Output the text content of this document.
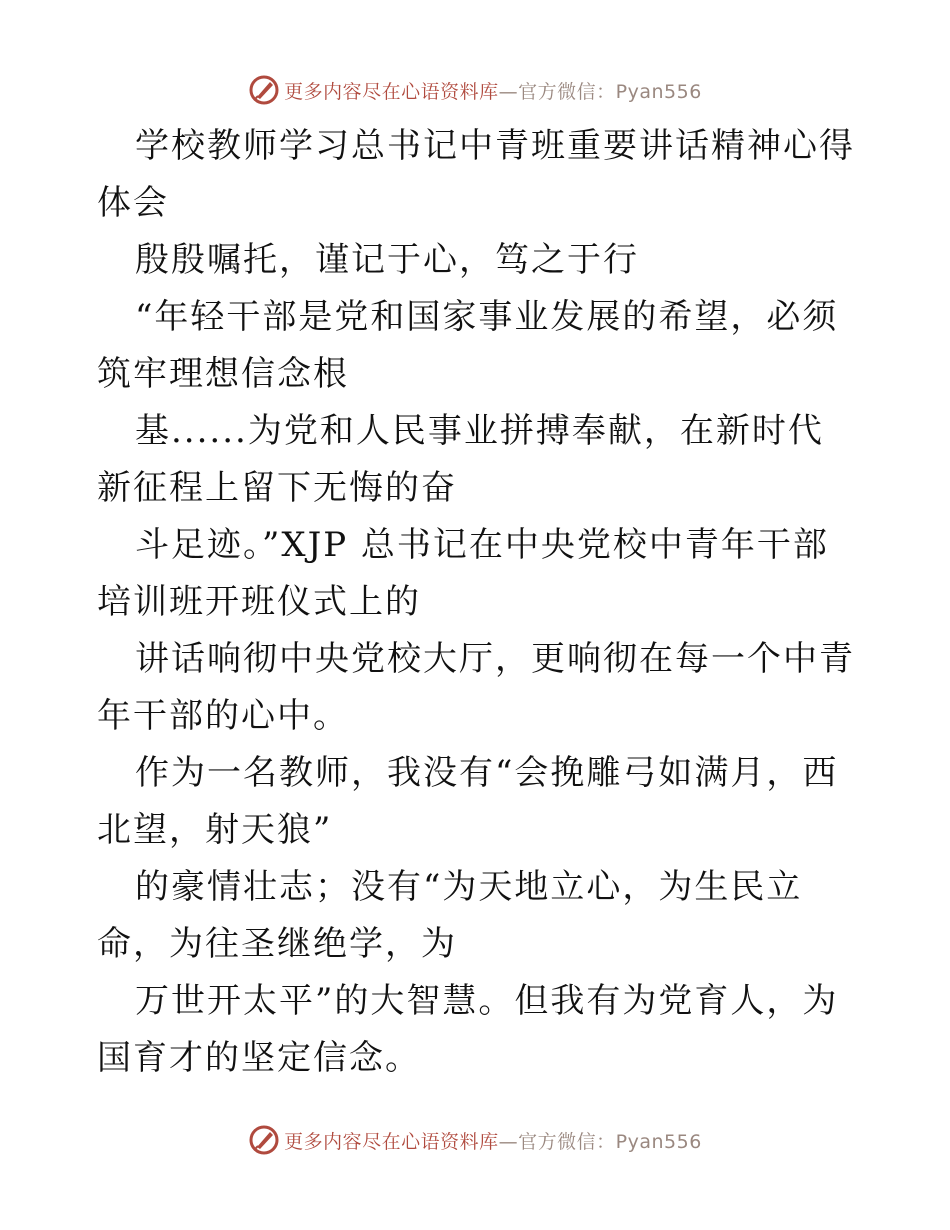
更多内容尽在心语资料库—官方微信：Pyan556

学校教师学习总书记中青班重要讲话精神心得体会

殷殷嘱托，谨记于心，笃之于行

“年轻干部是党和国家事业发展的希望，必须筑牢理想信念根

基......为党和人民事业拼搏奉献，在新时代新征程上留下无悔的奋

斗足迹。”XJP 总书记在中央党校中青年干部培训班开班仪式上的

讲话响彻中央党校大厅，更响彻在每一个中青年干部的心中。

作为一名教师，我没有“会挽雕弓如满月，西北望，射天狼”

的豪情壮志；没有“为天地立心，为生民立命，为往圣继绝学，为

万世开太平”的大智慧。但我有为党育人，为国育才的坚定信念。

更多内容尽在心语资料库—官方微信：Pyan556
